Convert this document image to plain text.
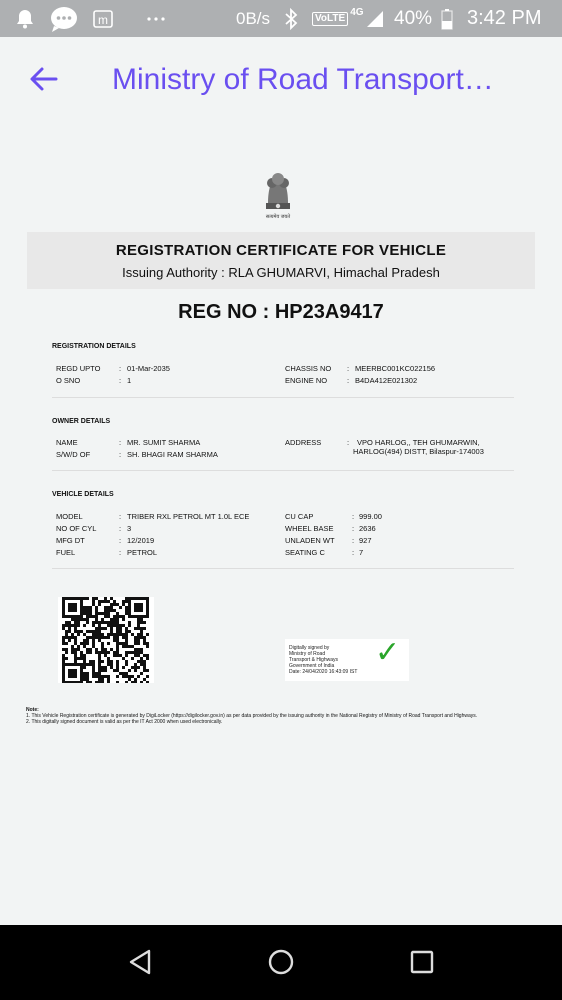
m	0B/s	VoLTE 4G 40% 3:42 PM
Ministry of Road Transport…
सत्यमेव जयते
REGISTRATION CERTIFICATE FOR VEHICLE
Issuing Authority : RLA GHUMARVI, Himachal Pradesh
REG NO : HP23A9417
REGISTRATION DETAILS
REGD UPTO : 01-Mar-2035
O SNO	: 1
CHASSIS NO : MEERBC001KC022156
ENGINE NO	: B4DA412E021302
OWNER DETAILS
NAME	: MR. SUMIT SHARMA
S/W/D OF	: SH. BHAGI RAM SHARMA
ADDRESS	: VPO HARLOG,, TEH GHUMARWIN,
HARLOG(494) DISTT, Bilaspur-174003
VEHICLE DETAILS
MODEL	: TRIBER RXL PETROL MT 1.0L ECE
NO OF CYL	: 3
MFG DT	: 12/2019
FUEL	: PETROL
CU CAP	: 999.00
WHEEL BASE : 2636
UNLADEN WT : 927
SEATING C	: 7
Digitally signed by
Ministry of Road
Transport & Highways
Government of India
Date: 24/04/2020 16:43:09 IST
✓
Note:
1. This Vehicle Registration certificate is generated by DigiLocker (https://digilocker.gov.in) as per data provided by the issuing authority in the National Registry of Ministry of Road Transport and Highways.
2. This digitally signed document is valid as per the IT Act 2000 when used electronically.
